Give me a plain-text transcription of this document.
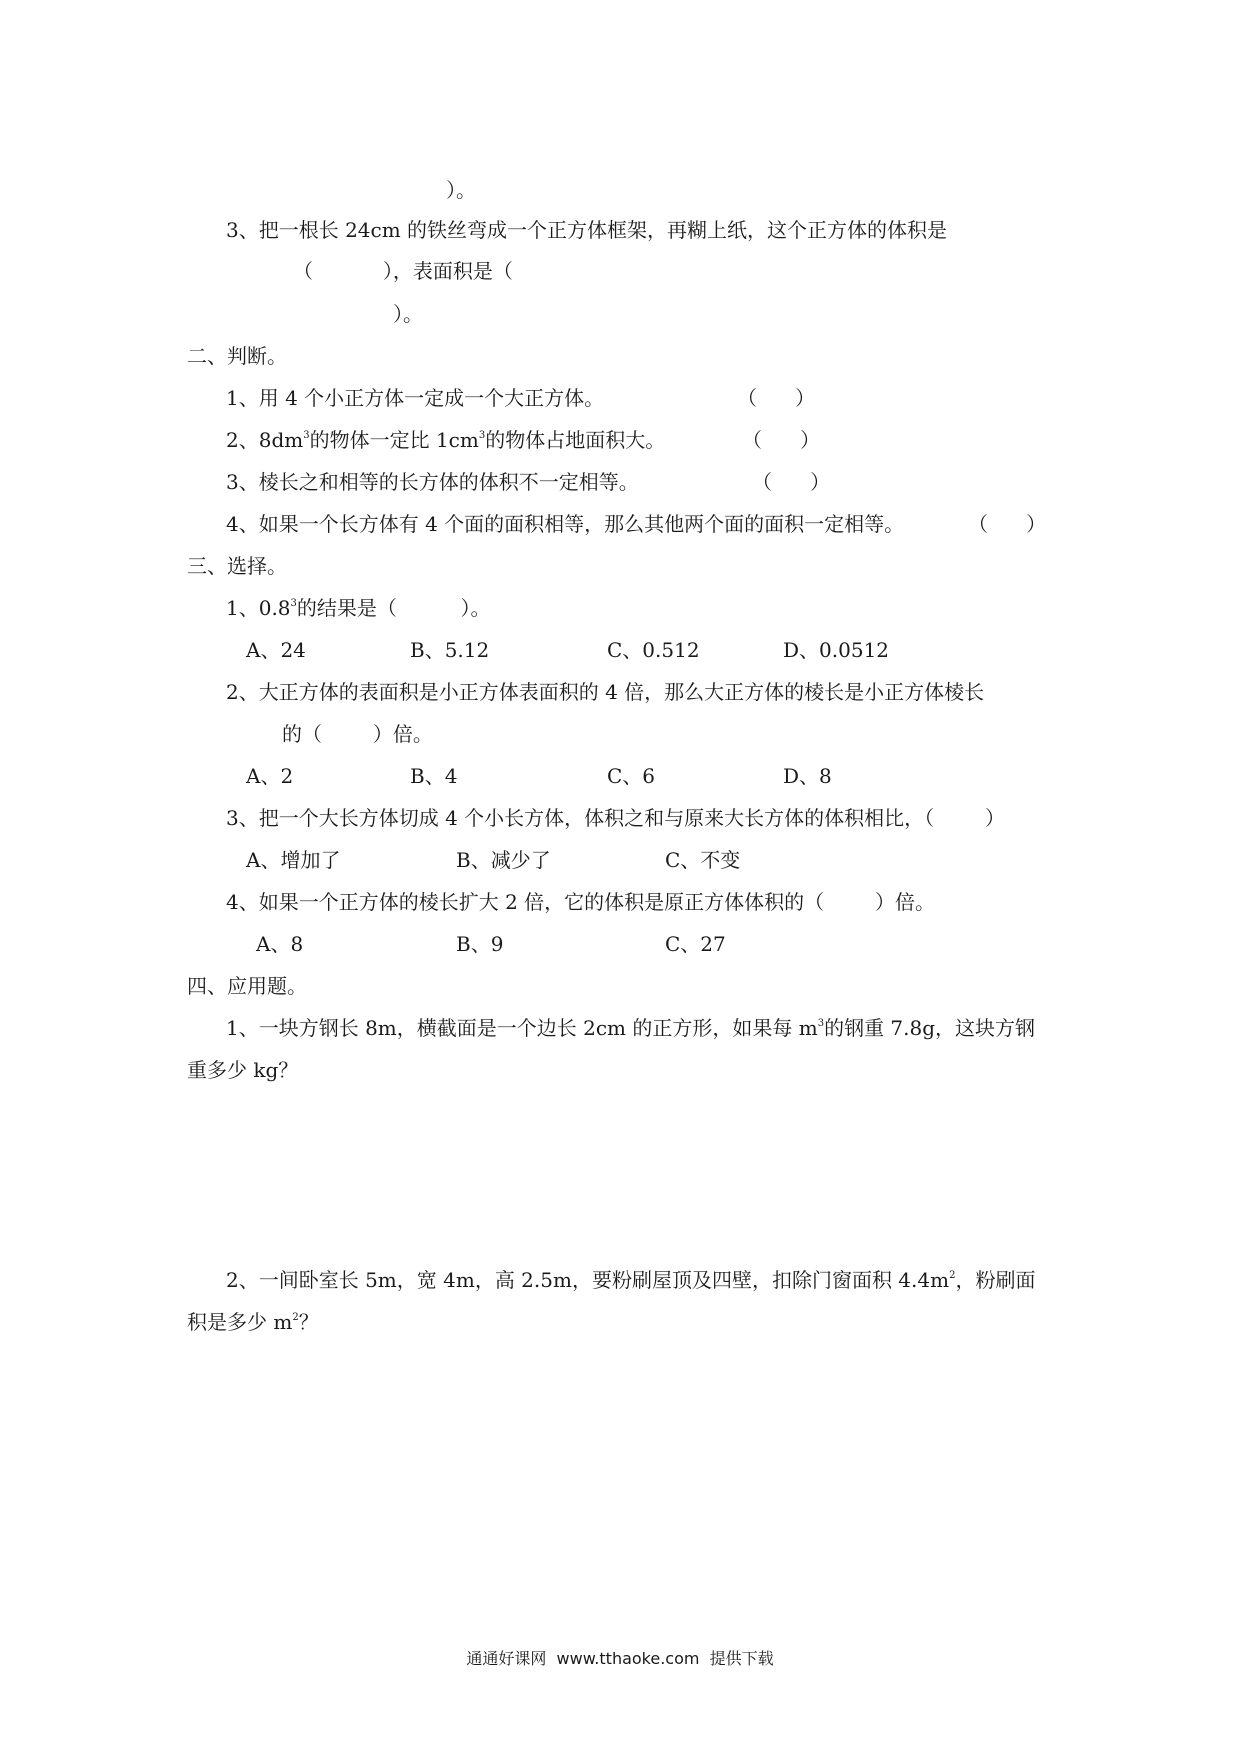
）。
3、把一根长 24cm 的铁丝弯成一个正方体框架，再糊上纸，这个正方体的体积是
（           ），表面积是（
）。
二、判断。
1、用 4 个小正方体一定成一个大正方体。	（      ）
2、$8dm^3$的物体一定比 $1cm^3$的物体占地面积大。	（      ）
3、棱长之和相等的长方体的体积不一定相等。	（      ）
4、如果一个长方体有 4 个面的面积相等，那么其他两个面的面积一定相等。	（      ）
三、选择。
1、$0.8^3$的结果是（          ）。
A、24	B、5.12	C、0.512	D、0.0512
2、大正方体的表面积是小正方体表面积的 4 倍，那么大正方体的棱长是小正方体棱长
的（        ）倍。
A、2	B、4	C、6	D、8
3、把一个大长方体切成 4 个小长方体，体积之和与原来大长方体的体积相比，（        ）
A、增加了	B、减少了	C、不变
4、如果一个正方体的棱长扩大 2 倍，它的体积是原正方体体积的（        ）倍。
A、8	B、9	C、27
四、应用题。
1、一块方钢长 8m，横截面是一个边长 2cm 的正方形，如果每 $m^3$的钢重 7.8g，这块方钢
重多少 kg？
2、一间卧室长 5m，宽 4m，高 2.5m，要粉刷屋顶及四壁，扣除门窗面积 $4.4m^2$，粉刷面
积是多少 $m^2$？
通通好课网  www.tthaoke.com  提供下载
